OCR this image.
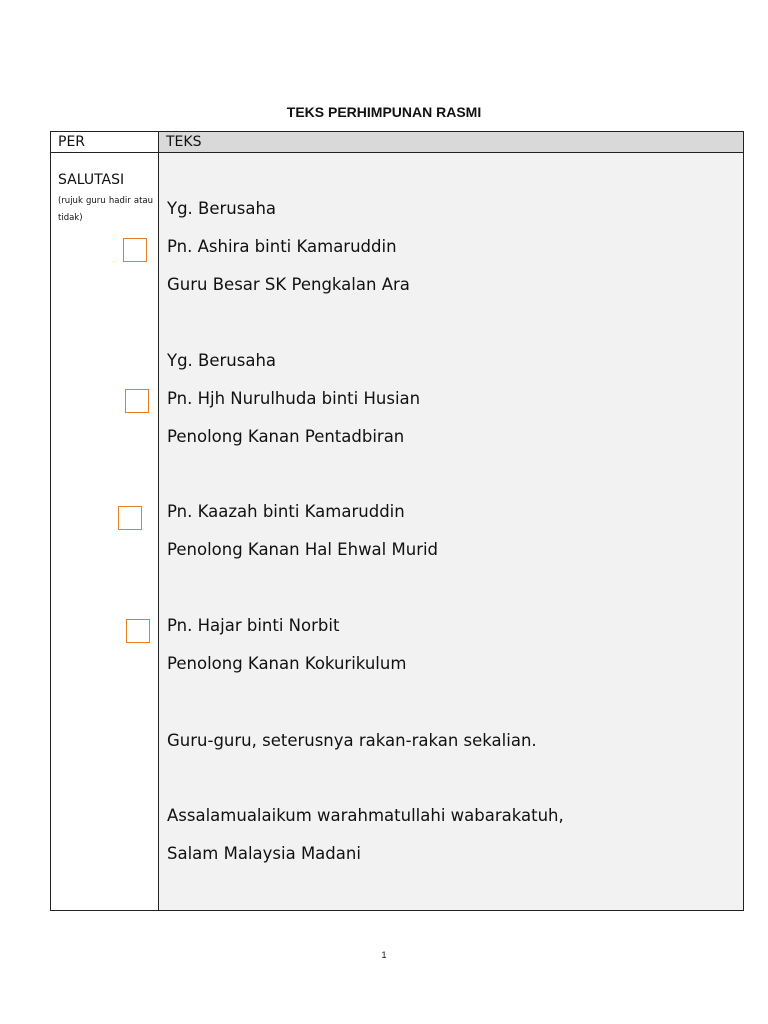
TEKS PERHIMPUNAN RASMI
PER	TEKS
SALUTASI
(rujuk guru hadir atau tidak)	Yg. Berusaha
Pn. Ashira binti Kamaruddin
Guru Besar SK Pengkalan Ara
Yg. Berusaha
Pn. Hjh Nurulhuda binti Husian
Penolong Kanan Pentadbiran
Pn. Kaazah binti Kamaruddin
Penolong Kanan Hal Ehwal Murid
Pn. Hajar binti Norbit
Penolong Kanan Kokurikulum
Guru-guru, seterusnya rakan-rakan sekalian.
Assalamualaikum warahmatullahi wabarakatuh,
Salam Malaysia Madani
1
